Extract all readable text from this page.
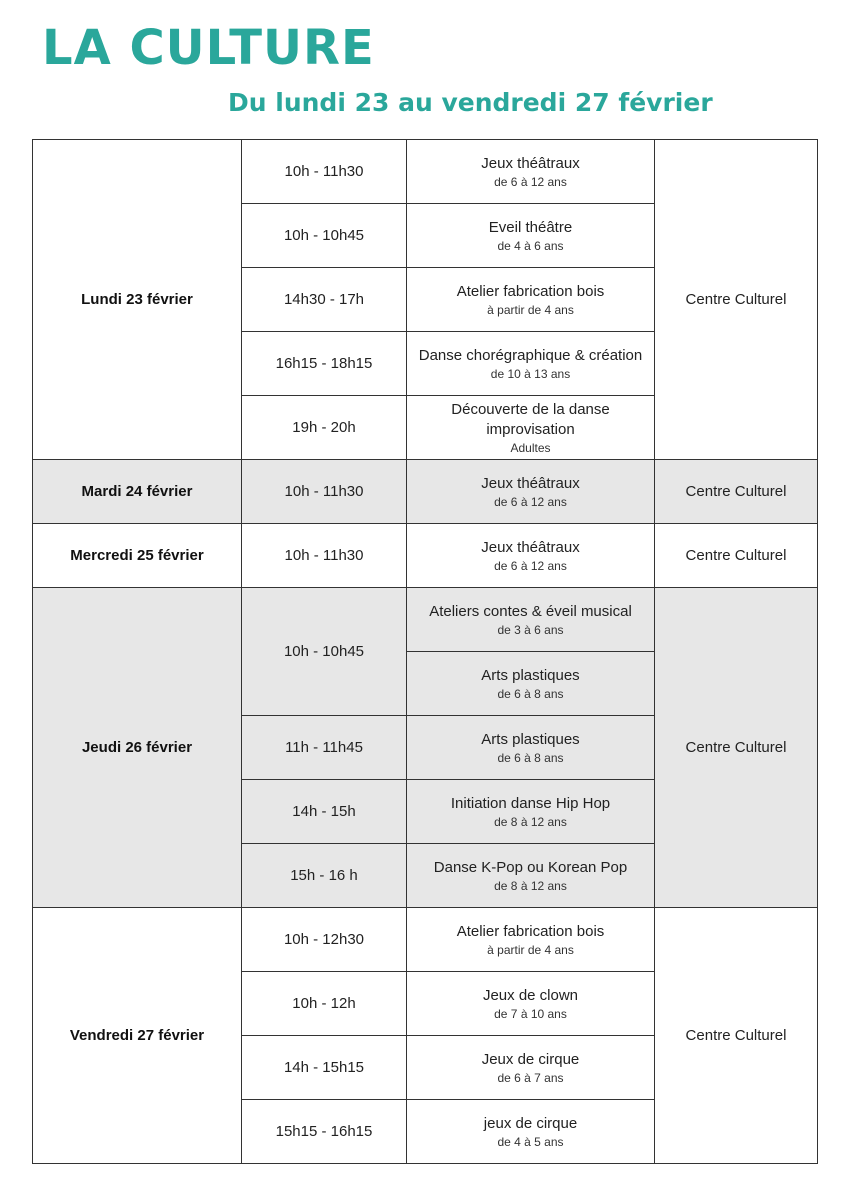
LA CULTURE
Du lundi 23 au vendredi 27 février
Lundi 23 février	10h - 11h30	Jeux théâtraux
de 6 à 12 ans	Centre Culturel
	10h - 10h45	Eveil théâtre
de 4 à 6 ans	

	14h30 - 17h	Atelier fabrication bois
à partir de 4 ans	

	16h15 - 18h15	Danse chorégraphique & création
de 10 à 13 ans	

	19h - 20h	Découverte de la danse improvisation
Adultes	

Mardi 24 février	10h - 11h30	Jeux théâtraux
de 6 à 12 ans	Centre Culturel
Mercredi 25 février	10h - 11h30	Jeux théâtraux
de 6 à 12 ans	Centre Culturel
Jeudi 26 février	10h - 10h45	Ateliers contes & éveil musical
de 3 à 6 ans	Centre Culturel

		Arts plastiques
de 6 à 8 ans	

	11h - 11h45	Arts plastiques
de 6 à 8 ans	

	14h - 15h	Initiation danse Hip Hop
de 8 à 12 ans	

	15h - 16 h	Danse K-Pop ou Korean Pop
de 8 à 12 ans	

Vendredi 27 février	10h - 12h30	Atelier fabrication bois
à partir de 4 ans	Centre Culturel
	10h - 12h	Jeux de clown
de 7 à 10 ans	

	14h - 15h15	Jeux de cirque
de 6 à 7 ans	

	15h15 - 16h15	jeux de cirque
de 4 à 5 ans	
